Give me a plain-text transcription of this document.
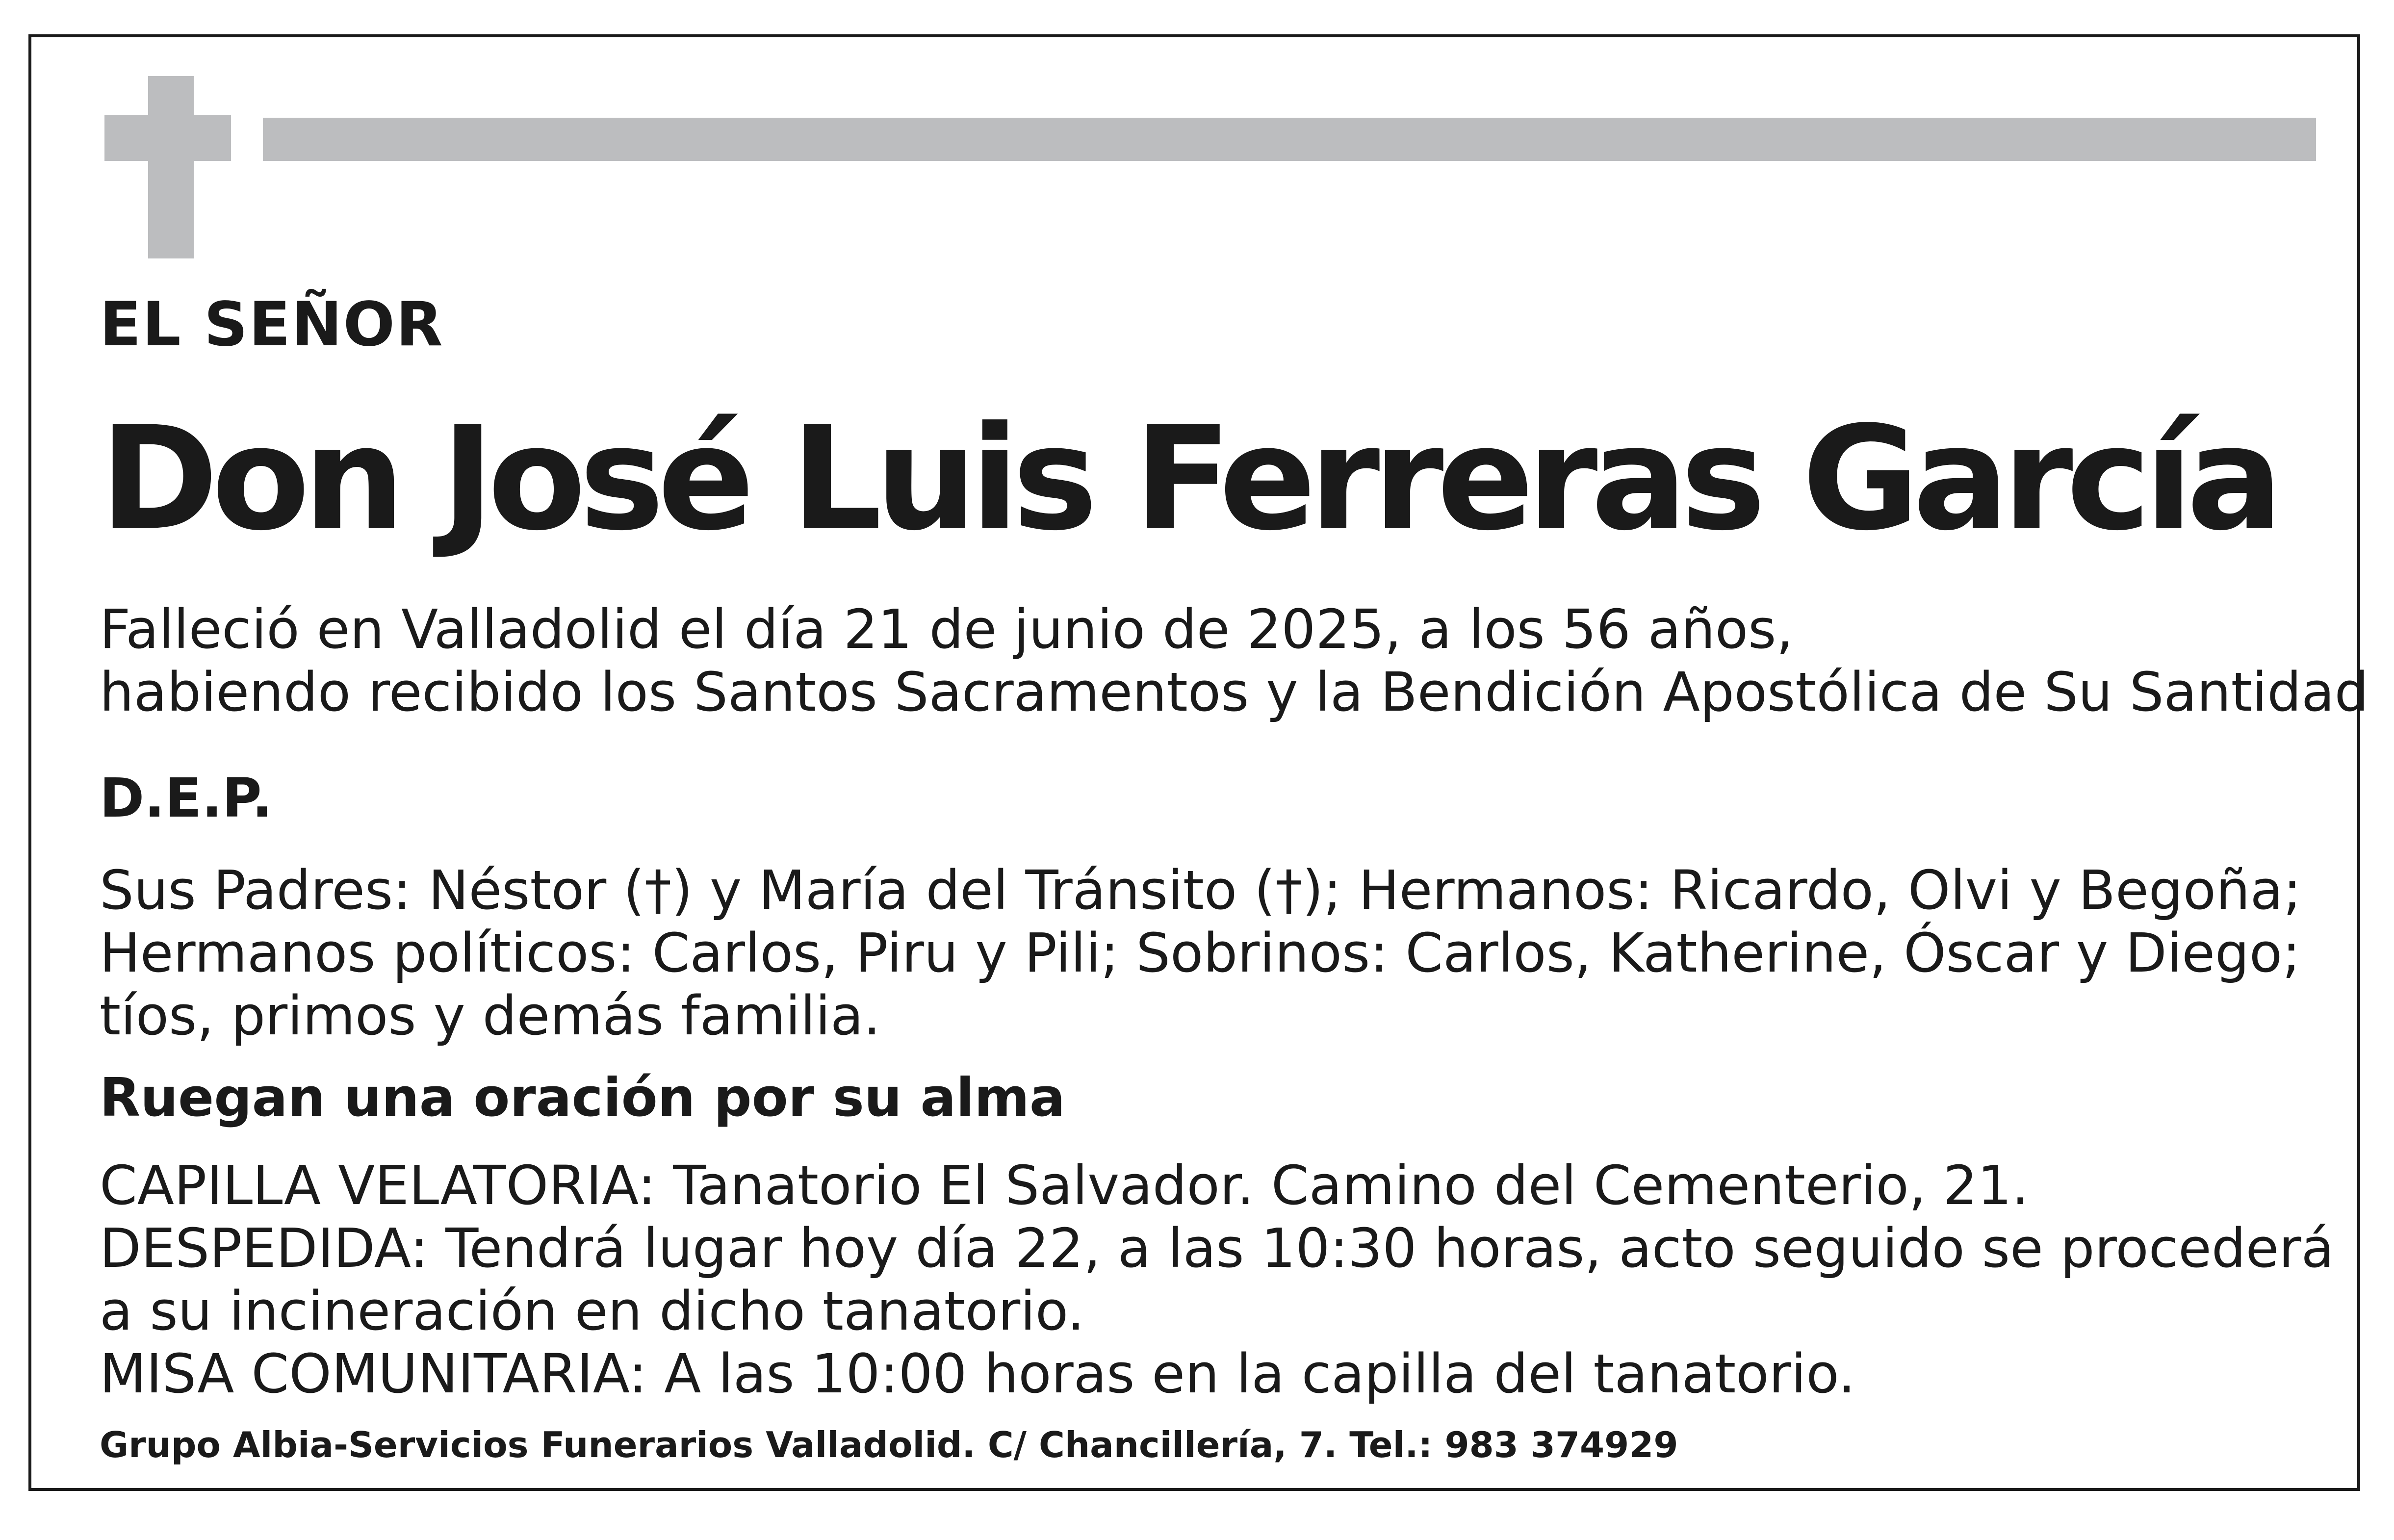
EL SEÑOR

Don José Luis Ferreras García

Falleció en Valladolid el día 21 de junio de 2025, a los 56 años,

habiendo recibido los Santos Sacramentos y la Bendición Apostólica de Su Santidad

D.E.P.

Sus Padres: Néstor (†) y María del Tránsito (†); Hermanos: Ricardo, Olvi y Begoña;

Hermanos políticos: Carlos, Piru y Pili; Sobrinos: Carlos, Katherine, Óscar y Diego;

tíos, primos y demás familia.

Ruegan una oración por su alma

CAPILLA VELATORIA: Tanatorio El Salvador. Camino del Cementerio, 21.

DESPEDIDA: Tendrá lugar hoy día 22, a las 10:30 horas, acto seguido se procederá

a su incineración en dicho tanatorio.

MISA COMUNITARIA: A las 10:00 horas en la capilla del tanatorio.

Grupo Albia-Servicios Funerarios Valladolid. C/ Chancillería, 7. Tel.: 983 374929
